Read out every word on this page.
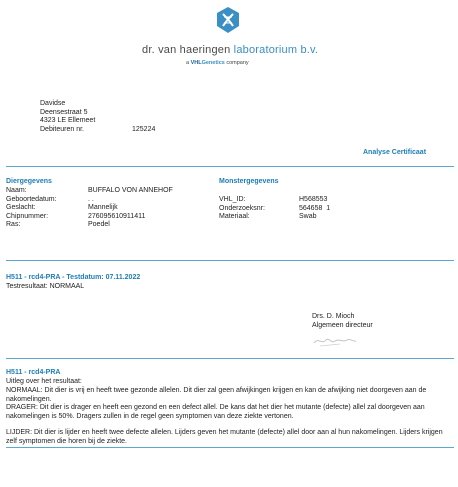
dr. van haeringen laboratorium b.v.
a VHLGenetics company
Davidse
Deensestraat 5
4323 LE Ellemeet
Debiteuren nr.	125224
Analyse Certificaat
Diergegevens
Naam:	BUFFALO VON ANNEHOF
Geboortedatum:	. .
Geslacht:	Mannelijk
Chipnummer:	276095610911411
Ras:	Poedel
Monstergegevens
VHL_ID:	H568553
Onderzoeksnr:	564658  1
Materiaal:	Swab
H511 - rcd4-PRA - Testdatum: 07.11.2022
Testresultaat: NORMAAL
Drs. D. Mioch
Algemeen directeur
H511 - rcd4-PRA
Uitleg over het resultaat:
NORMAAL: Dit dier is vrij en heeft twee gezonde allelen. Dit dier zal geen afwijkingen krijgen en kan de afwijking niet doorgeven aan de nakomelingen.
DRAGER: Dit dier is drager en heeft een gezond en een defect allel. De kans dat het dier het mutante (defecte) allel zal doorgeven aan nakomelingen is 50%. Dragers zullen in de regel geen symptomen van deze ziekte vertonen.
LIJDER: Dit dier is lijder en heeft twee defecte allelen. Lijders geven het mutante (defecte) allel door aan al hun nakomelingen. Lijders krijgen zelf symptomen die horen bij de ziekte.
